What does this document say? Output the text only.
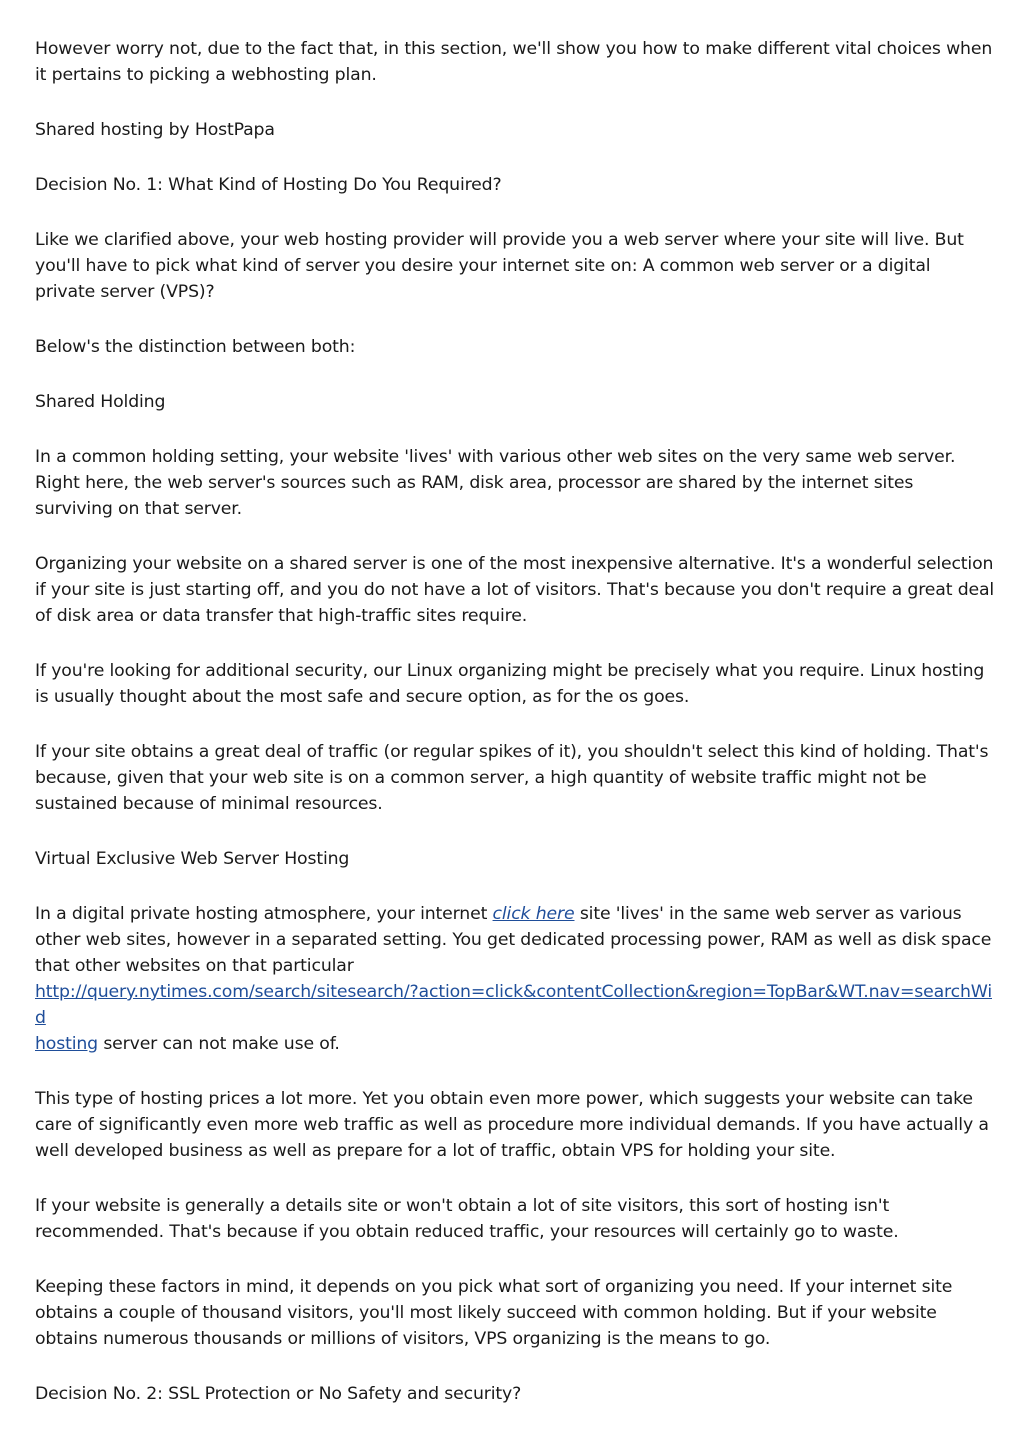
However worry not, due to the fact that, in this section, we'll show you how to make different vital choices when it pertains to picking a webhosting plan.

Shared hosting by HostPapa

Decision No. 1: What Kind of Hosting Do You Required?

Like we clarified above, your web hosting provider will provide you a web server where your site will live. But you'll have to pick what kind of server you desire your internet site on: A common web server or a digital private server (VPS)?

Below's the distinction between both:

Shared Holding

In a common holding setting, your website 'lives' with various other web sites on the very same web server. Right here, the web server's sources such as RAM, disk area, processor are shared by the internet sites surviving on that server.

Organizing your website on a shared server is one of the most inexpensive alternative. It's a wonderful selection if your site is just starting off, and you do not have a lot of visitors. That's because you don't require a great deal of disk area or data transfer that high-traffic sites require.

If you're looking for additional security, our Linux organizing might be precisely what you require. Linux hosting is usually thought about the most safe and secure option, as for the os goes.

If your site obtains a great deal of traffic (or regular spikes of it), you shouldn't select this kind of holding. That's because, given that your web site is on a common server, a high quantity of website traffic might not be sustained because of minimal resources.

Virtual Exclusive Web Server Hosting

In a digital private hosting atmosphere, your internet click here site 'lives' in the same web server as various other web sites, however in a separated setting. You get dedicated processing power, RAM as well as disk space that other websites on that particular
http://query.nytimes.com/search/sitesearch/?action=click&contentCollection&region=TopBar&WT.nav=searchWid
hosting server can not make use of.

This type of hosting prices a lot more. Yet you obtain even more power, which suggests your website can take care of significantly even more web traffic as well as procedure more individual demands. If you have actually a well developed business as well as prepare for a lot of traffic, obtain VPS for holding your site.

If your website is generally a details site or won't obtain a lot of site visitors, this sort of hosting isn't recommended. That's because if you obtain reduced traffic, your resources will certainly go to waste.

Keeping these factors in mind, it depends on you pick what sort of organizing you need. If your internet site obtains a couple of thousand visitors, you'll most likely succeed with common holding. But if your website obtains numerous thousands or millions of visitors, VPS organizing is the means to go.

Decision No. 2: SSL Protection or No Safety and security?
